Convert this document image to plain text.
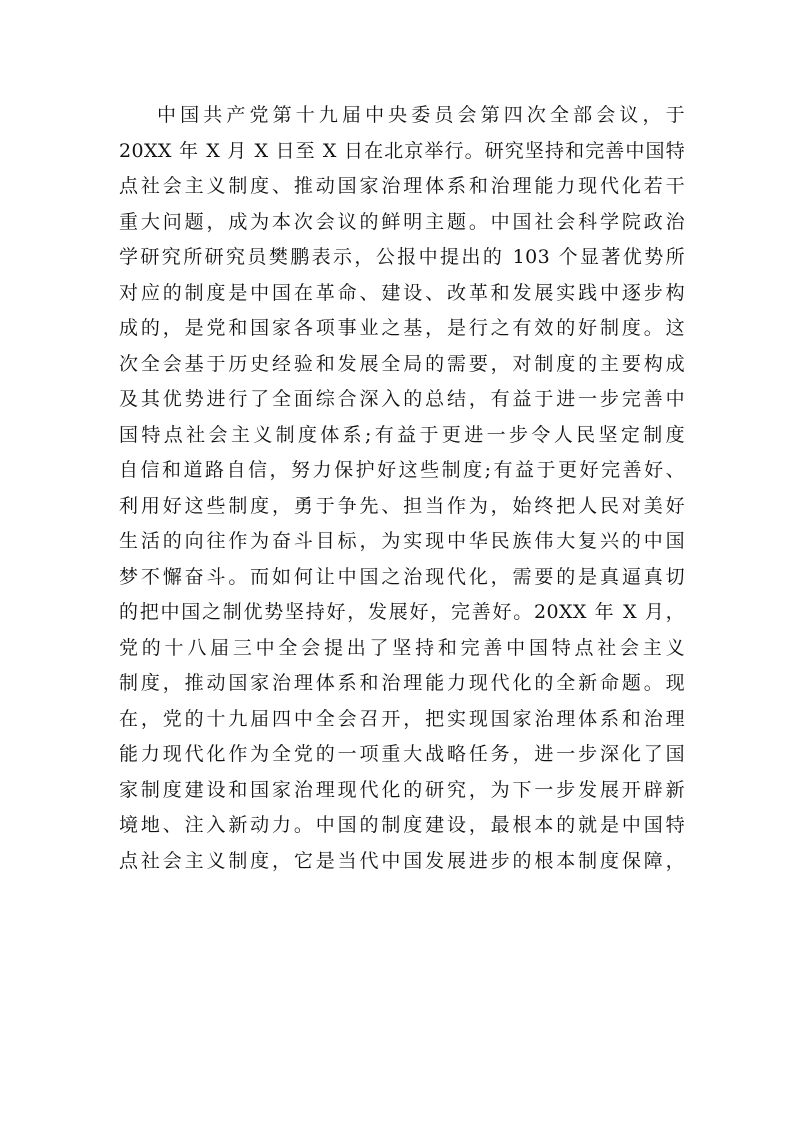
中国共产党第十九届中央委员会第四次全部会议，于
20XX 年 X 月 X 日至 X 日在北京举行。研究坚持和完善中国特
点社会主义制度、推动国家治理体系和治理能力现代化若干
重大问题，成为本次会议的鲜明主题。中国社会科学院政治
学研究所研究员樊鹏表示，公报中提出的 103 个显著优势所
对应的制度是中国在革命、建设、改革和发展实践中逐步构
成的，是党和国家各项事业之基，是行之有效的好制度。这
次全会基于历史经验和发展全局的需要，对制度的主要构成
及其优势进行了全面综合深入的总结，有益于进一步完善中
国特点社会主义制度体系;有益于更进一步令人民坚定制度
自信和道路自信，努力保护好这些制度;有益于更好完善好、
利用好这些制度，勇于争先、担当作为，始终把人民对美好
生活的向往作为奋斗目标，为实现中华民族伟大复兴的中国
梦不懈奋斗。而如何让中国之治现代化，需要的是真逼真切
的把中国之制优势坚持好，发展好，完善好。20XX 年 X 月，
党的十八届三中全会提出了坚持和完善中国特点社会主义
制度，推动国家治理体系和治理能力现代化的全新命题。现
在，党的十九届四中全会召开，把实现国家治理体系和治理
能力现代化作为全党的一项重大战略任务，进一步深化了国
家制度建设和国家治理现代化的研究，为下一步发展开辟新
境地、注入新动力。中国的制度建设，最根本的就是中国特
点社会主义制度，它是当代中国发展进步的根本制度保障，
